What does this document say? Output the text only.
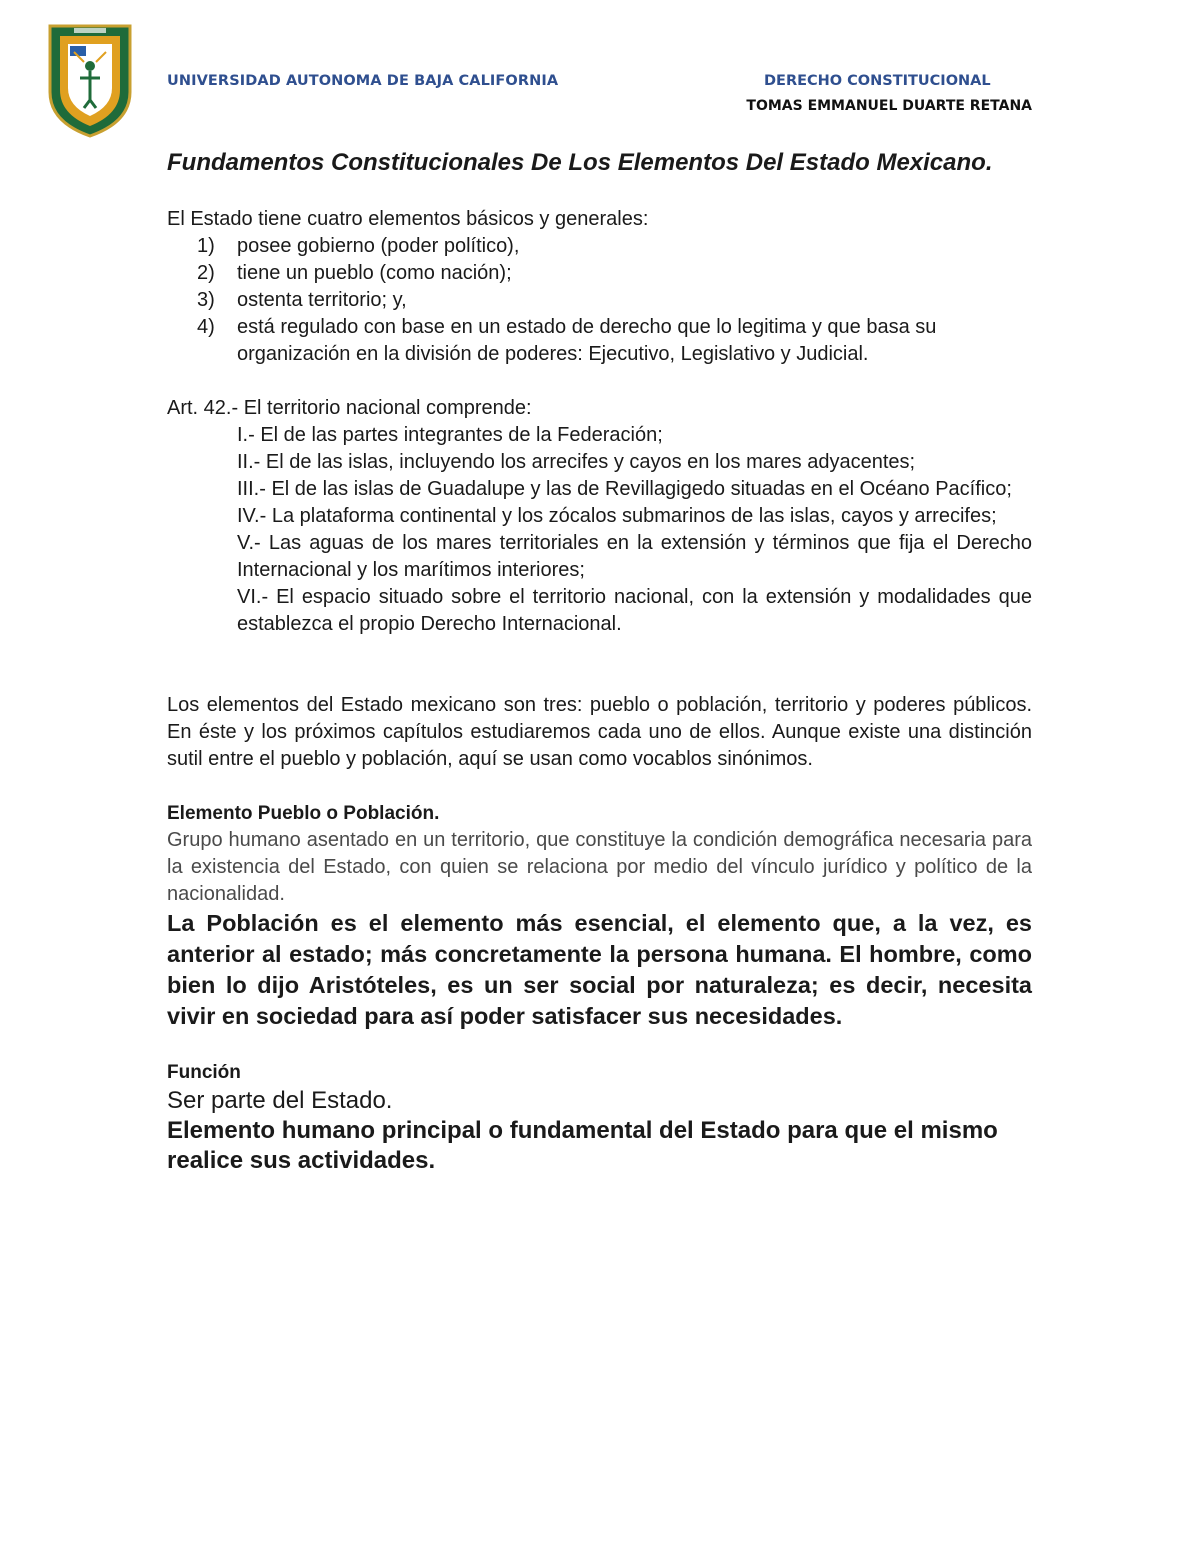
UNIVERSIDAD AUTONOMA DE BAJA CALIFORNIA	DERECHO CONSTITUCIONAL
TOMAS EMMANUEL DUARTE RETANA
Fundamentos Constitucionales De Los Elementos Del Estado Mexicano.

El Estado tiene cuatro elementos básicos y generales:

1) posee gobierno (poder político),
2) tiene un pueblo (como nación);
3) ostenta territorio; y,
4) está regulado con base en un estado de derecho que lo legitima y que basa su organización en la división de poderes: Ejecutivo, Legislativo y Judicial.

Art. 42.- El territorio nacional comprende:

I.- El de las partes integrantes de la Federación;
II.- El de las islas, incluyendo los arrecifes y cayos en los mares adyacentes;
III.- El de las islas de Guadalupe y las de Revillagigedo situadas en el Océano Pacífico;
IV.- La plataforma continental y los zócalos submarinos de las islas, cayos y arrecifes;
V.- Las aguas de los mares territoriales en la extensión y términos que fija el Derecho Internacional y los marítimos interiores;
VI.- El espacio situado sobre el territorio nacional, con la extensión y modalidades que establezca el propio Derecho Internacional.

Los elementos del Estado mexicano son tres: pueblo o población, territorio y poderes públicos. En éste y los próximos capítulos estudiaremos cada uno de ellos. Aunque existe una distinción sutil entre el pueblo y población, aquí se usan como vocablos sinónimos.

Elemento Pueblo o Población.

Grupo humano asentado en un territorio, que constituye la condición demográfica necesaria para la existencia del Estado, con quien se relaciona por medio del vínculo jurídico y político de la nacionalidad.

La Población es el elemento más esencial, el elemento que, a la vez, es anterior al estado; más concretamente la persona humana. El hombre, como bien lo dijo Aristóteles, es un ser social por naturaleza; es decir, necesita vivir en sociedad para así poder satisfacer sus necesidades.

Función

Ser parte del Estado.

Elemento humano principal o fundamental del Estado para que el mismo realice sus actividades.
